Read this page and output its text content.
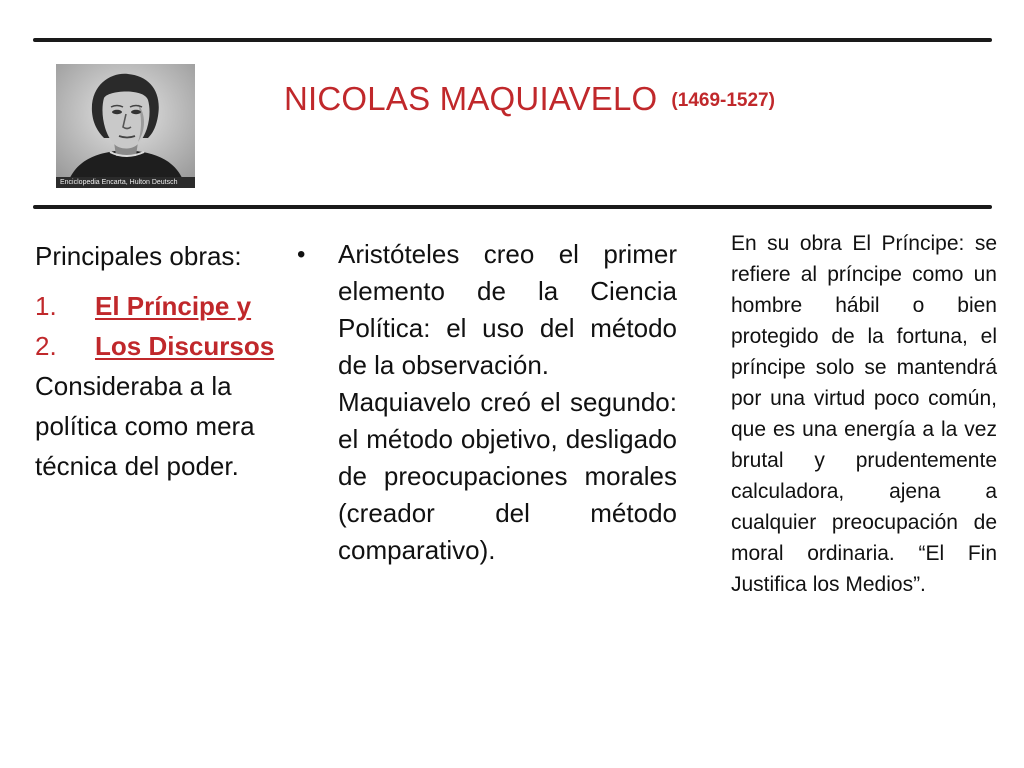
Enciclopedia Encarta, Hulton Deutsch
NICOLAS MAQUIAVELO (1469-1527)

Principales obras:

1.	El Príncipe y
2.	Los Discursos

Consideraba a la política como mera técnica del poder.

•	Aristóteles creo el primer elemento de la Ciencia Política: el uso del método de la observación.

Maquiavelo creó el segundo: el método objetivo, desligado de preocupaciones morales (creador del método comparativo).

En su obra El Príncipe: se refiere al príncipe como un hombre hábil o bien protegido de la fortuna, el príncipe solo se mantendrá por una virtud poco común, que es una energía a la vez brutal y prudentemente calculadora, ajena a cualquier preocupación de moral ordinaria. “El Fin Justifica los Medios”.
